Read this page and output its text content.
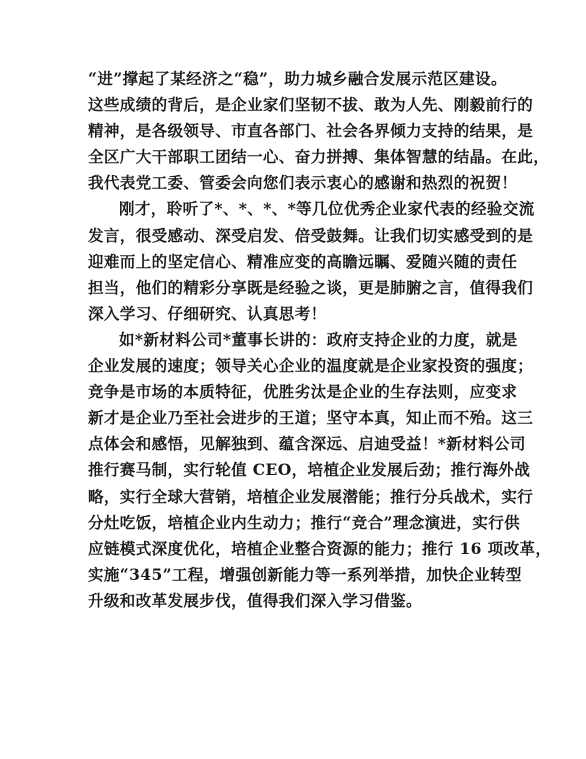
“进”撑起了某经济之“稳”，助力城乡融合发展示范区建设。
这些成绩的背后，是企业家们坚韧不拔、敢为人先、刚毅前行的
精神，是各级领导、市直各部门、社会各界倾力支持的结果，是
全区广大干部职工团结一心、奋力拼搏、集体智慧的结晶。在此，
我代表党工委、管委会向您们表示衷心的感谢和热烈的祝贺！

刚才，聆听了*、*、*、*等几位优秀企业家代表的经验交流
发言，很受感动、深受启发、倍受鼓舞。让我们切实感受到的是
迎难而上的坚定信心、精准应变的高瞻远瞩、爱随兴随的责任
担当，他们的精彩分享既是经验之谈，更是肺腑之言，值得我们
深入学习、仔细研究、认真思考！

如*新材料公司*董事长讲的：政府支持企业的力度，就是
企业发展的速度；领导关心企业的温度就是企业家投资的强度；
竞争是市场的本质特征，优胜劣汰是企业的生存法则，应变求
新才是企业乃至社会进步的王道；坚守本真，知止而不殆。这三
点体会和感悟，见解独到、蕴含深远、启迪受益！*新材料公司
推行赛马制，实行轮值 CEO，培植企业发展后劲；推行海外战
略，实行全球大营销，培植企业发展潜能；推行分兵战术，实行
分灶吃饭，培植企业内生动力；推行“竞合”理念演进，实行供
应链模式深度优化，培植企业整合资源的能力；推行 16 项改革，
实施“345”工程，增强创新能力等一系列举措，加快企业转型
升级和改革发展步伐，值得我们深入学习借鉴。
